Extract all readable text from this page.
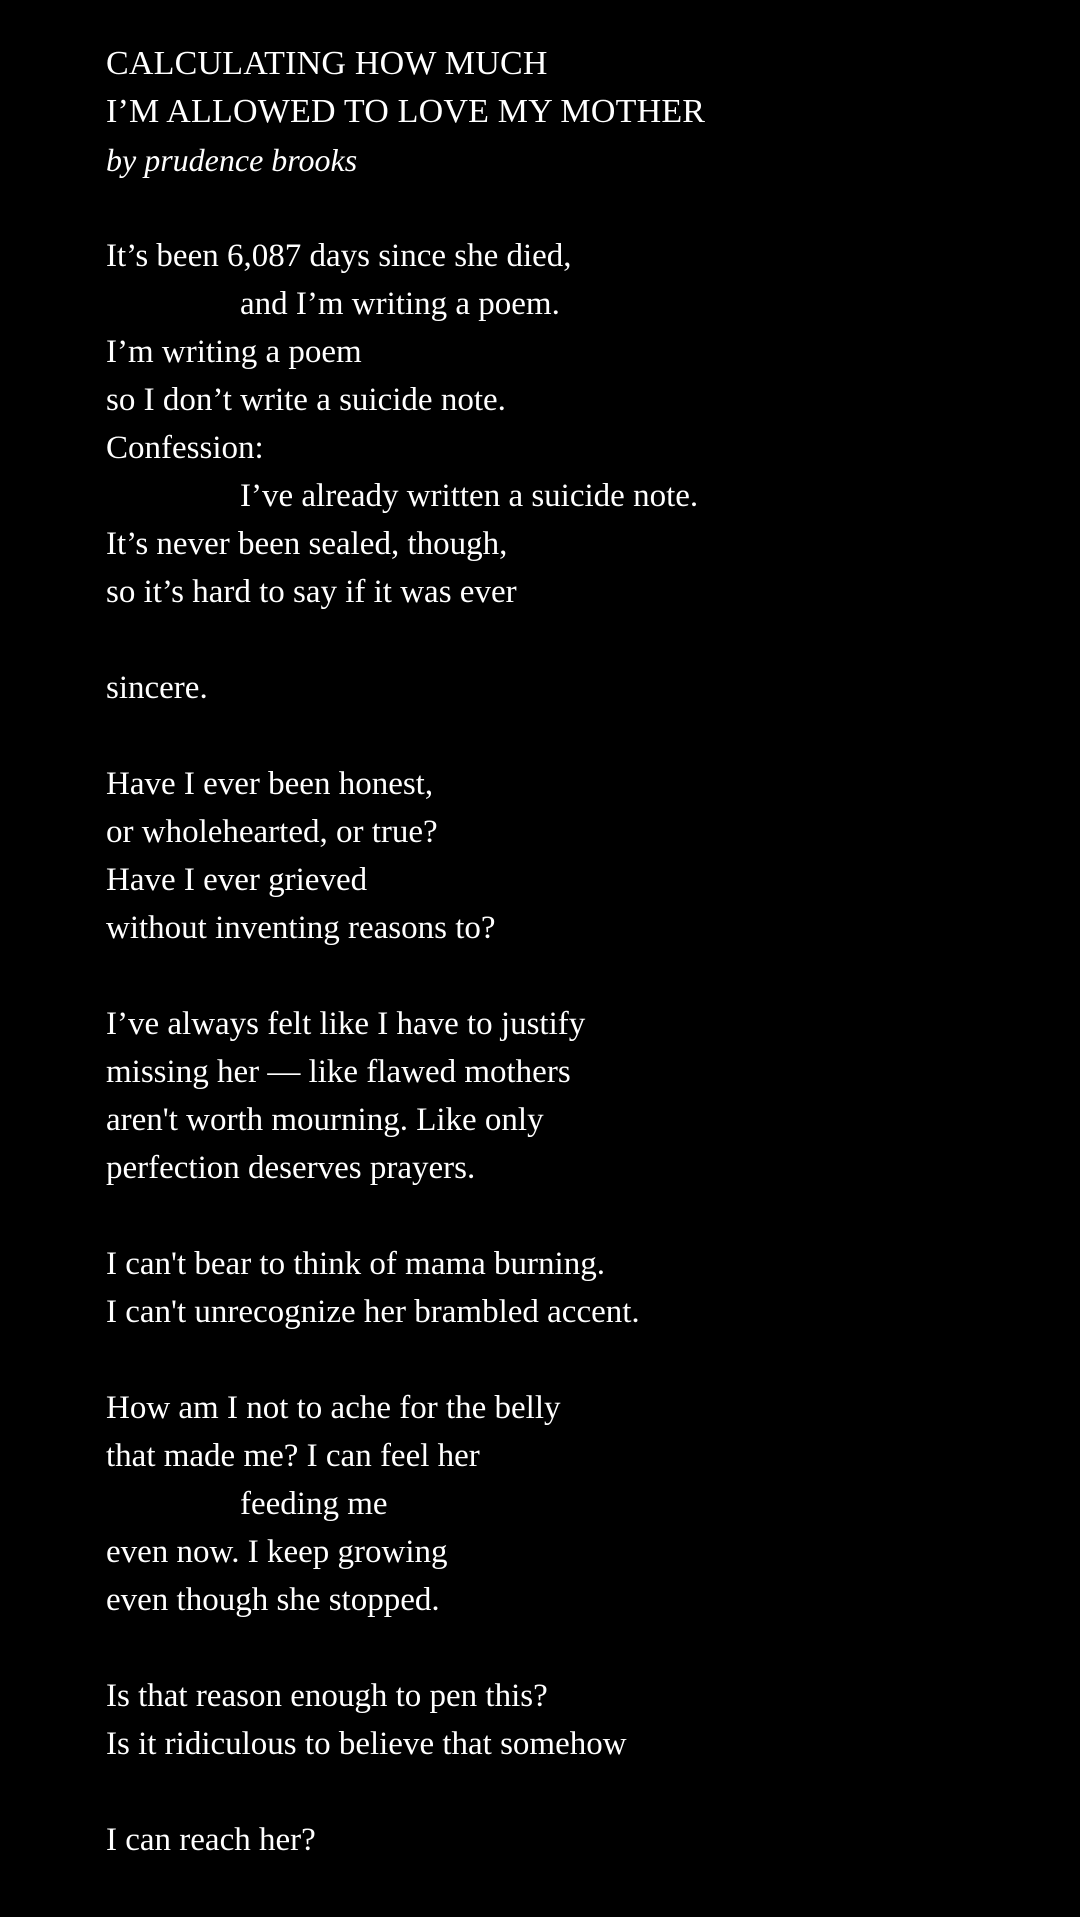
CALCULATING HOW MUCH
I’M ALLOWED TO LOVE MY MOTHER
by prudence brooks
It’s been 6,087 days since she died,
and I’m writing a poem.
I’m writing a poem
so I don’t write a suicide note.
Confession:
I’ve already written a suicide note.
It’s never been sealed, though,
so it’s hard to say if it was ever
sincere.
Have I ever been honest,
or wholehearted, or true?
Have I ever grieved
without inventing reasons to?
I’ve always felt like I have to justify
missing her — like flawed mothers
aren't worth mourning. Like only
perfection deserves prayers.
I can't bear to think of mama burning.
I can't unrecognize her brambled accent.
How am I not to ache for the belly
that made me? I can feel her
feeding me
even now. I keep growing
even though she stopped.
Is that reason enough to pen this?
Is it ridiculous to believe that somehow
I can reach her?
